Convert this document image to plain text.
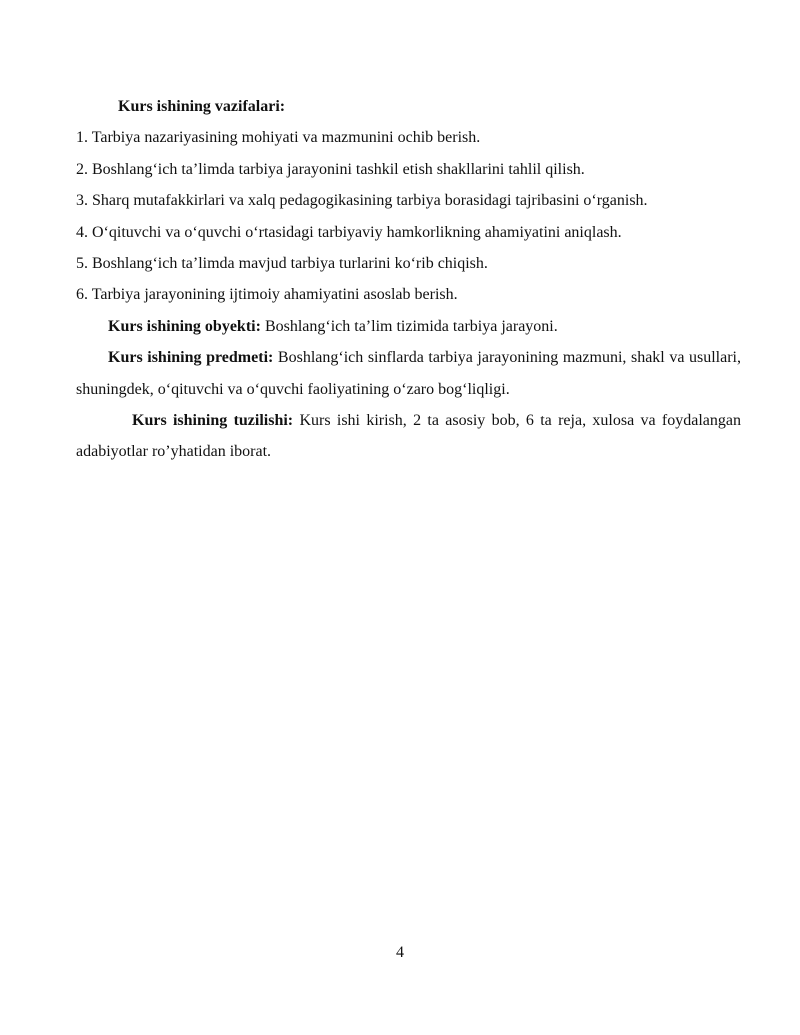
Kurs ishining vazifalari:

1. Tarbiya nazariyasining mohiyati va mazmunini ochib berish.

2. Boshlang‘ich ta’limda tarbiya jarayonini tashkil etish shakllarini tahlil qilish.

3. Sharq mutafakkirlari va xalq pedagogikasining tarbiya borasidagi tajribasini o‘rganish.

4. O‘qituvchi va o‘quvchi o‘rtasidagi tarbiyaviy hamkorlikning ahamiyatini aniqlash.

5. Boshlang‘ich ta’limda mavjud tarbiya turlarini ko‘rib chiqish.

6. Tarbiya jarayonining ijtimoiy ahamiyatini asoslab berish.

Kurs ishining obyekti: Boshlang‘ich ta’lim tizimida tarbiya jarayoni.

Kurs ishining predmeti: Boshlang‘ich sinflarda tarbiya jarayonining mazmuni, shakl va usullari, shuningdek, o‘qituvchi va o‘quvchi faoliyatining o‘zaro bog‘liqligi.

Kurs ishining tuzilishi: Kurs ishi kirish, 2 ta asosiy bob, 6 ta reja, xulosa va foydalangan adabiyotlar ro’yhatidan iborat.

4
